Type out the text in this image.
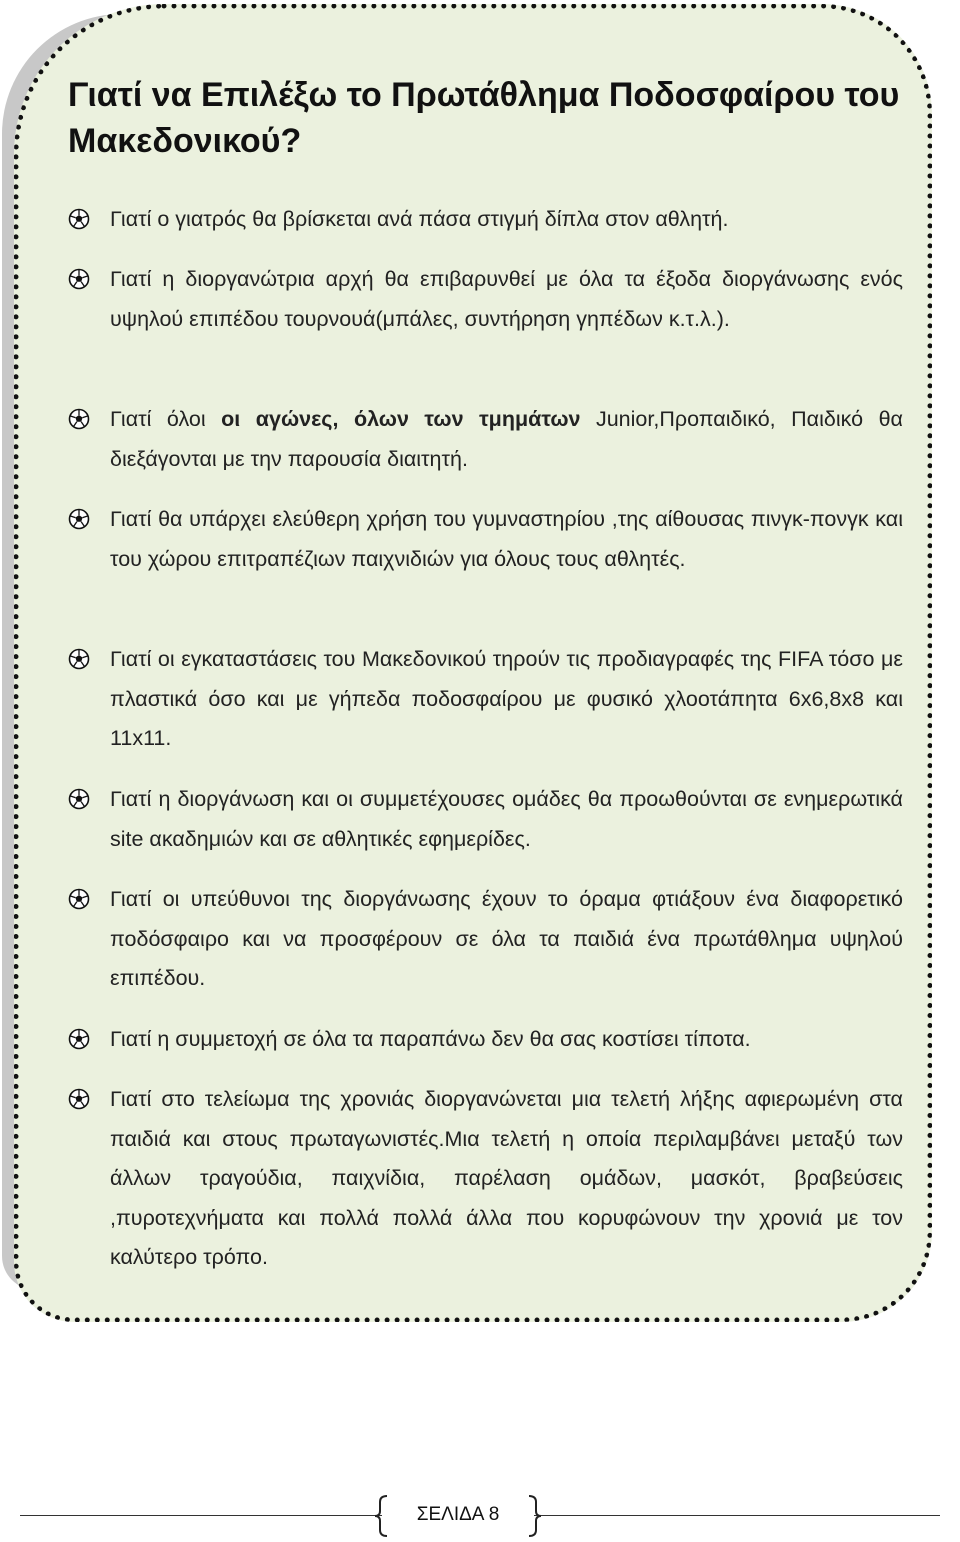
Γιατί να Επιλέξω το Πρωτάθλημα Ποδοσφαίρου του Μακεδονικού?

Γιατί ο γιατρός θα βρίσκεται ανά πάσα στιγμή δίπλα στον αθλητή.

Γιατί η διοργανώτρια αρχή θα επιβαρυνθεί με όλα τα έξοδα διοργάνωσης ενός υψηλού επιπέδου τουρνουά(μπάλες, συντήρηση γηπέδων κ.τ.λ.).

Γιατί όλοι οι αγώνες, όλων των τμημάτων Junior,Προπαιδικό, Παιδικό θα διεξάγονται με την παρουσία διαιτητή.

Γιατί θα υπάρχει ελεύθερη χρήση του γυμναστηρίου ,της αίθουσας πινγκ-πονγκ και του χώρου επιτραπέζιων παιχνιδιών για όλους τους αθλητές.

Γιατί οι εγκαταστάσεις του Μακεδονικού τηρούν τις προδιαγραφές της FIFA τόσο με πλαστικά όσο και με γήπεδα ποδοσφαίρου με φυσικό χλοοτάπητα 6x6,8x8 και 11x11.

Γιατί η διοργάνωση και οι συμμετέχουσες ομάδες θα προωθούνται σε ενημερωτικά site ακαδημιών και σε αθλητικές εφημερίδες.

Γιατί οι υπεύθυνοι της διοργάνωσης έχουν το όραμα φτιάξουν ένα διαφορετικό ποδόσφαιρο και να προσφέρουν σε όλα τα παιδιά ένα πρωτάθλημα υψηλού επιπέδου.

Γιατί η συμμετοχή σε όλα τα παραπάνω δεν θα σας κοστίσει τίποτα.

Γιατί στο τελείωμα της χρονιάς διοργανώνεται μια τελετή λήξης αφιερωμένη στα παιδιά και στους πρωταγωνιστές.Μια τελετή η οποία περιλαμβάνει μεταξύ των άλλων τραγούδια, παιχνίδια, παρέλαση ομάδων, μασκότ, βραβεύσεις ,πυροτεχνήματα και πολλά πολλά άλλα που κορυφώνουν την χρονιά με τον καλύτερο τρόπο.

ΣΕΛΙΔΑ 8
